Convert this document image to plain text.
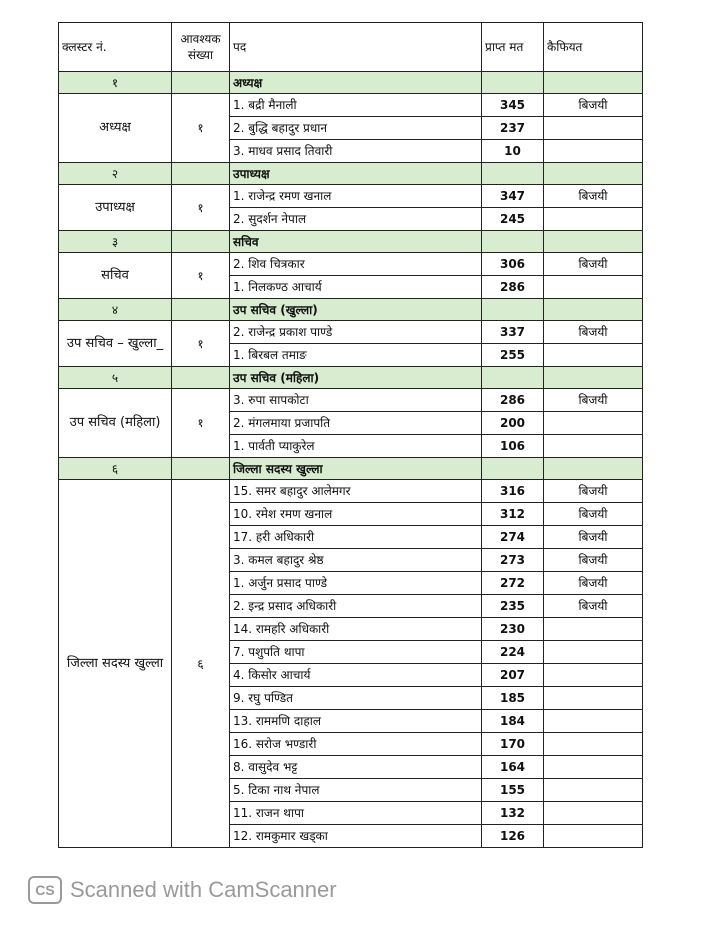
क्लस्टर नं.	आवश्यक संख्या	पद	प्राप्त मत	कैफियत
१		अध्यक्ष		
अध्यक्ष	१	1. बद्री मैनाली	345	बिजयी
		2. बुद्धि बहादुर प्रधान	237	
		3. माधव प्रसाद तिवारी	10	
२		उपाध्यक्ष		
उपाध्यक्ष	१	1. राजेन्द्र रमण खनाल	347	बिजयी
		2. सुदर्शन नेपाल	245	
३		सचिव		
सचिव	१	2. शिव चित्रकार	306	बिजयी
		1. निलकण्ठ आचार्य	286	
४		उप सचिव (खुल्ला)		
उप सचिव – खुल्ला_	१	2. राजेन्द्र प्रकाश पाण्डे	337	बिजयी
		1. बिरबल तमाङ	255	
५		उप सचिव (महिला)		
उप सचिव (महिला)	१	3. रुपा सापकोटा	286	बिजयी
		2. मंगलमाया प्रजापति	200	
		1. पार्वती प्याकुरेल	106	
६		जिल्ला सदस्य खुल्ला		
जिल्ला सदस्य खुल्ला	६	15. समर बहादुर आलेमगर	316	बिजयी
		10. रमेश रमण खनाल	312	बिजयी
		17. हरी अधिकारी	274	बिजयी
		3. कमल बहादुर श्रेष्ठ	273	बिजयी
		1. अर्जुन प्रसाद पाण्डे	272	बिजयी
		2. इन्द्र प्रसाद अधिकारी	235	बिजयी
		14. रामहरि अधिकारी	230	
		7. पशुपति थापा	224	
		4. किसोर आचार्य	207	
		9. रघु पण्डित	185	
		13. राममणि दाहाल	184	
		16. सरोज भण्डारी	170	
		8. वासुदेव भट्ट	164	
		5. टिका नाथ नेपाल	155	
		11. राजन थापा	132	
		12. रामकुमार खड्का	126	
CS Scanned with CamScanner
